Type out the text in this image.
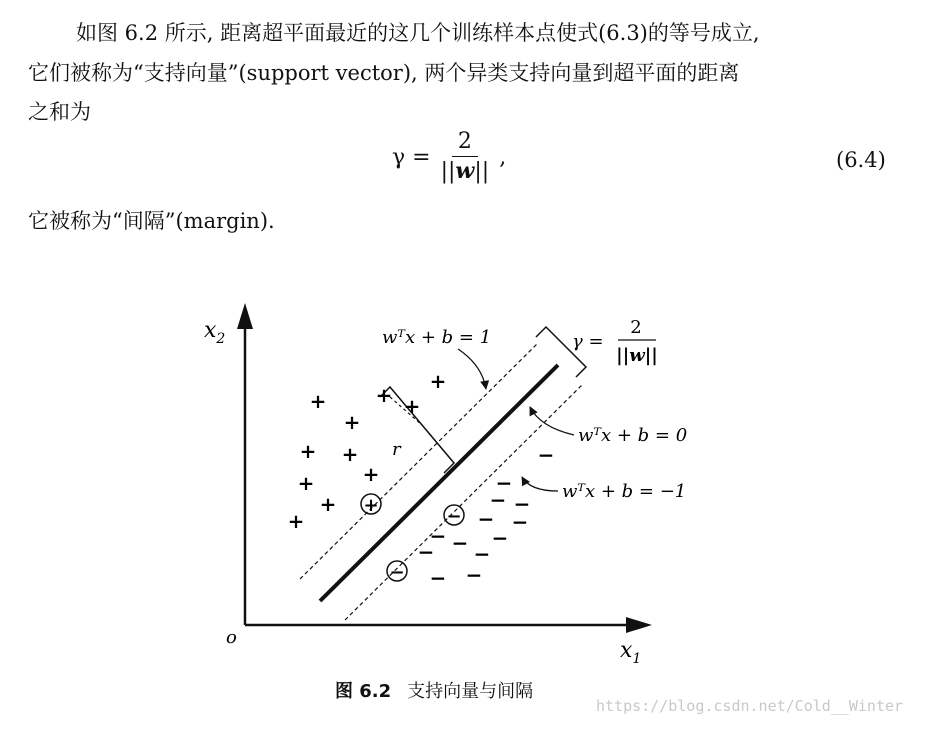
如图 6.2 所示, 距离超平面最近的这几个训练样本点使式(6.3)的等号成立,
它们被称为“支持向量”(support vector), 两个异类支持向量到超平面的距离
之和为
$\gamma = \frac{2}{||w||}$ ,	(6.4)
它被称为“间隔”(margin).
$x_2$
$x_1$
o
γ =
2
||w||
r
wᵀx + b = 1
wᵀx + b = 0
wᵀx + b = −1
+
+ + +
+
+ +
+
+
+
+
+
−
−
− −
− −
− −
−
− −
− −
−
−
图 6.2 支持向量与间隔
https://blog.csdn.net/Cold__Winter
